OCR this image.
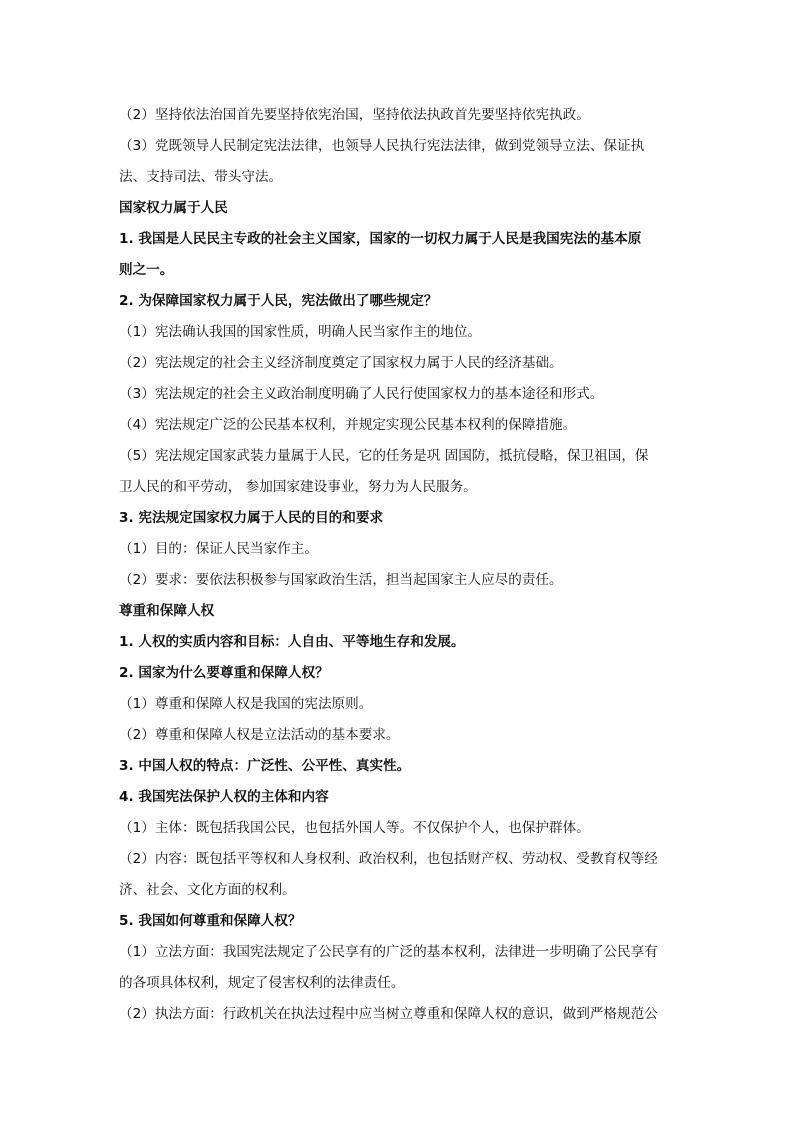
（2）坚持依法治国首先要坚持依宪治国，坚持依法执政首先要坚持依宪执政。

（3）党既领导人民制定宪法法律，也领导人民执行宪法法律，做到党领导立法、保证执

法、支持司法、带头守法。

国家权力属于人民

1. 我国是人民民主专政的社会主义国家，国家的一切权力属于人民是我国宪法的基本原

则之一。

2. 为保障国家权力属于人民，宪法做出了哪些规定？

（1）宪法确认我国的国家性质，明确人民当家作主的地位。

（2）宪法规定的社会主义经济制度奠定了国家权力属于人民的经济基础。

（3）宪法规定的社会主义政治制度明确了人民行使国家权力的基本途径和形式。

（4）宪法规定广泛的公民基本权利，并规定实现公民基本权利的保障措施。

（5）宪法规定国家武装力量属于人民，它的任务是巩 固国防，抵抗侵略，保卫祖国，保

卫人民的和平劳动， 参加国家建设事业，努力为人民服务。

3. 宪法规定国家权力属于人民的目的和要求

（1）目的：保证人民当家作主。

（2）要求：要依法积极参与国家政治生活，担当起国家主人应尽的责任。

尊重和保障人权

1. 人权的实质内容和目标：人自由、平等地生存和发展。

2. 国家为什么要尊重和保障人权？

（1）尊重和保障人权是我国的宪法原则。

（2）尊重和保障人权是立法活动的基本要求。

3. 中国人权的特点：广泛性、公平性、真实性。

4. 我国宪法保护人权的主体和内容

（1）主体：既包括我国公民，也包括外国人等。不仅保护个人，也保护群体。

（2）内容：既包括平等权和人身权利、政治权利，也包括财产权、劳动权、受教育权等经

济、社会、文化方面的权利。

5. 我国如何尊重和保障人权？

（1）立法方面：我国宪法规定了公民享有的广泛的基本权利，法律进一步明确了公民享有

的各项具体权利，规定了侵害权利的法律责任。

（2）执法方面：行政机关在执法过程中应当树立尊重和保障人权的意识，做到严格规范公
